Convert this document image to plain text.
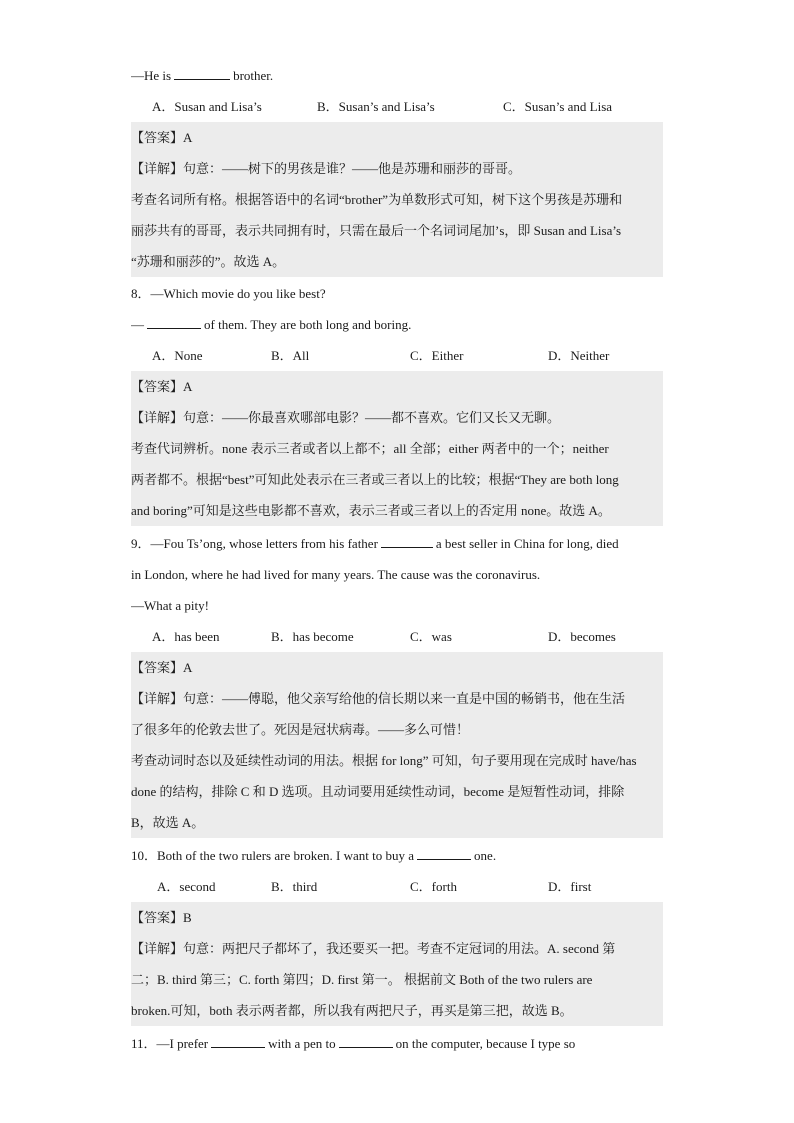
—He is	brother.
A．Susan and Lisa’s	B．Susan’s and Lisa’s	C．Susan’s and Lisa
【答案】A
【详解】句意：——树下的男孩是谁？——他是苏珊和丽莎的哥哥。
考查名词所有格。根据答语中的名词“brother”为单数形式可知，树下这个男孩是苏珊和
丽莎共有的哥哥，表示共同拥有时，只需在最后一个名词词尾加’s，即 Susan and Lisa’s
“苏珊和丽莎的”。故选 A。
8．—Which movie do you like best?
—	of them. They are both long and boring.
A．None	B．All	C．Either	D．Neither
【答案】A
【详解】句意：——你最喜欢哪部电影？——都不喜欢。它们又长又无聊。
考查代词辨析。none 表示三者或者以上都不；all 全部；either 两者中的一个；neither
两者都不。根据“best”可知此处表示在三者或三者以上的比较；根据“They are both long
and boring”可知是这些电影都不喜欢，表示三者或三者以上的否定用 none。故选 A。
9．—Fou Ts’ong, whose letters from his father	a best seller in China for long, died
in London, where he had lived for many years. The cause was the coronavirus.
—What a pity!
A．has been	B．has become	C．was	D．becomes
【答案】A
【详解】句意：——傅聪，他父亲写给他的信长期以来一直是中国的畅销书，他在生活
了很多年的伦敦去世了。死因是冠状病毒。——多么可惜！
考查动词时态以及延续性动词的用法。根据 for long” 可知，句子要用现在完成时 have/has
done 的结构，排除 C 和 D 选项。且动词要用延续性动词，become 是短暂性动词，排除
B，故选 A。
10．Both of the two rulers are broken. I want to buy a	one.
A．second	B．third	C．forth	D．first
【答案】B
【详解】句意：两把尺子都坏了，我还要买一把。考查不定冠词的用法。A. second 第
二；B. third 第三；C. forth 第四；D. first 第一。 根据前文 Both of the two rulers are
broken.可知，both 表示两者都，所以我有两把尺子，再买是第三把，故选 B。
11．—I prefer	with a pen to	on the computer, because I type so
